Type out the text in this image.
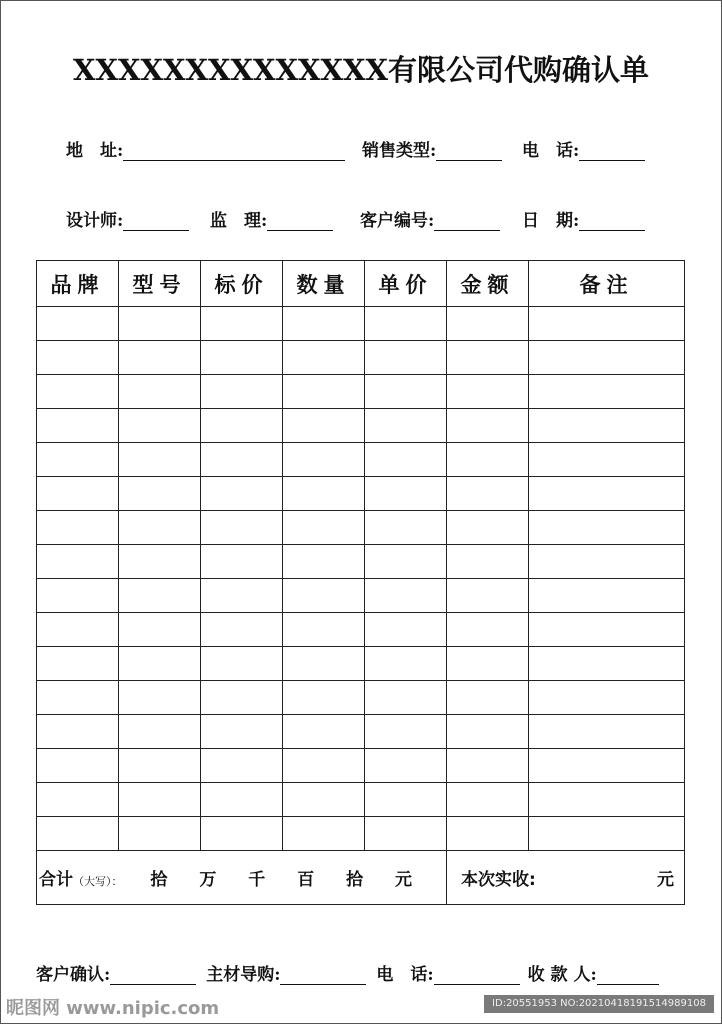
XXXXXXXXXXXXXX有限公司代购确认单
地　址:	销售类型:	电　话:
设计师:	监　理:	客户编号:	日　期:
品牌	型号	标价	数量	单价	金额	备注

合计（大写）： 拾 万 千 百 拾 元					本次实收: 元	
客户确认:	主材导购:	电　话:	收 款 人:
昵图网 www.nipic.com	ID:20551953 NO:20210418191514989108
